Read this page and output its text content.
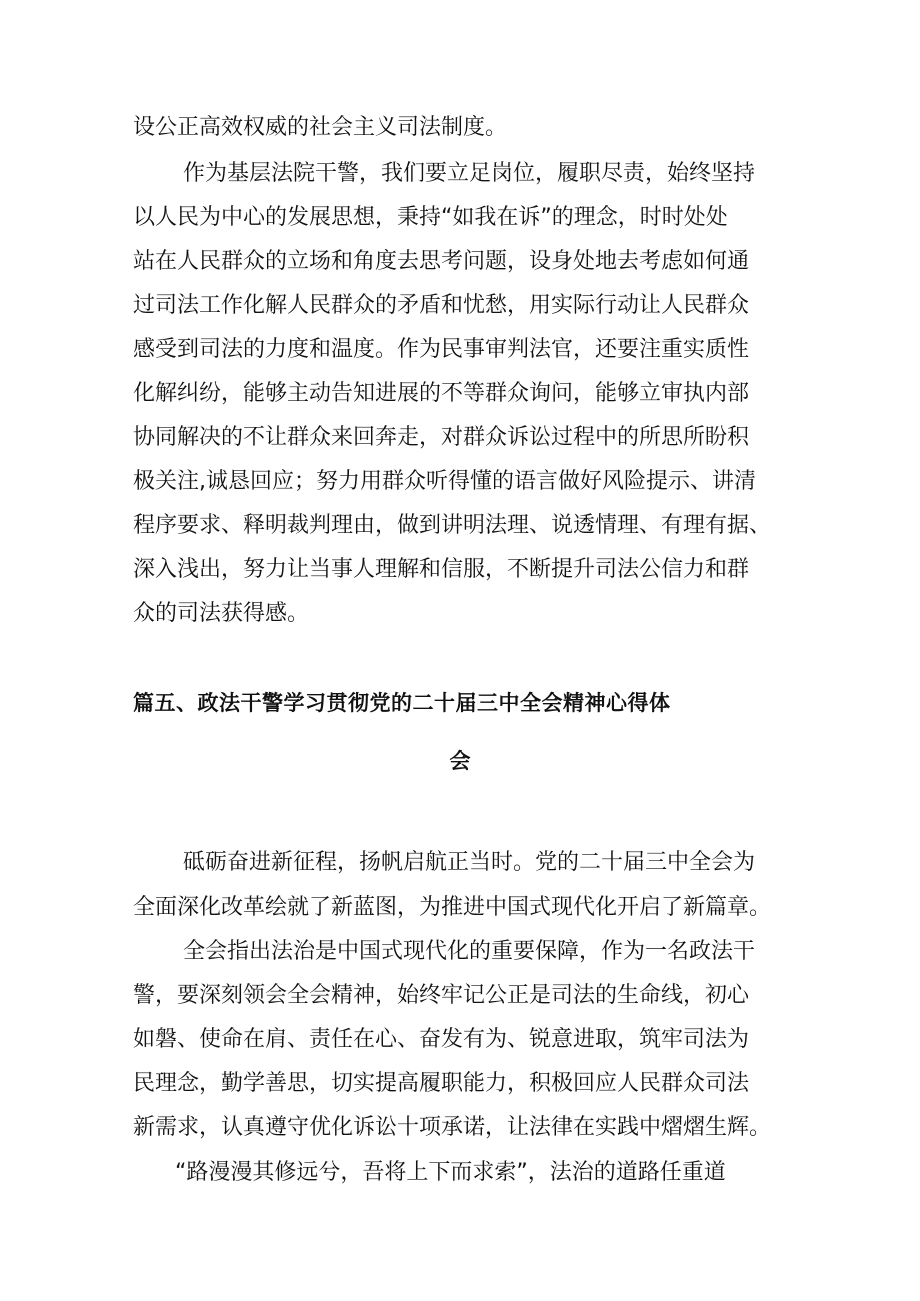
设公正高效权威的社会主义司法制度。
作为基层法院干警，我们要立足岗位，履职尽责，始终坚持
以人民为中心的发展思想，秉持“如我在诉”的理念，时时处处
站在人民群众的立场和角度去思考问题，设身处地去考虑如何通
过司法工作化解人民群众的矛盾和忧愁，用实际行动让人民群众
感受到司法的力度和温度。作为民事审判法官，还要注重实质性
化解纠纷，能够主动告知进展的不等群众询问，能够立审执内部
协同解决的不让群众来回奔走，对群众诉讼过程中的所思所盼积
极关注,诚恳回应；努力用群众听得懂的语言做好风险提示、讲清
程序要求、释明裁判理由，做到讲明法理、说透情理、有理有据、
深入浅出，努力让当事人理解和信服，不断提升司法公信力和群
众的司法获得感。
篇五、政法干警学习贯彻党的二十届三中全会精神心得体
会
砥砺奋进新征程，扬帆启航正当时。党的二十届三中全会为
全面深化改革绘就了新蓝图，为推进中国式现代化开启了新篇章。
全会指出法治是中国式现代化的重要保障，作为一名政法干
警，要深刻领会全会精神，始终牢记公正是司法的生命线，初心
如磐、使命在肩、责任在心、奋发有为、锐意进取，筑牢司法为
民理念，勤学善思，切实提高履职能力，积极回应人民群众司法
新需求，认真遵守优化诉讼十项承诺，让法律在实践中熠熠生辉。
“路漫漫其修远兮，吾将上下而求索”，法治的道路任重道
